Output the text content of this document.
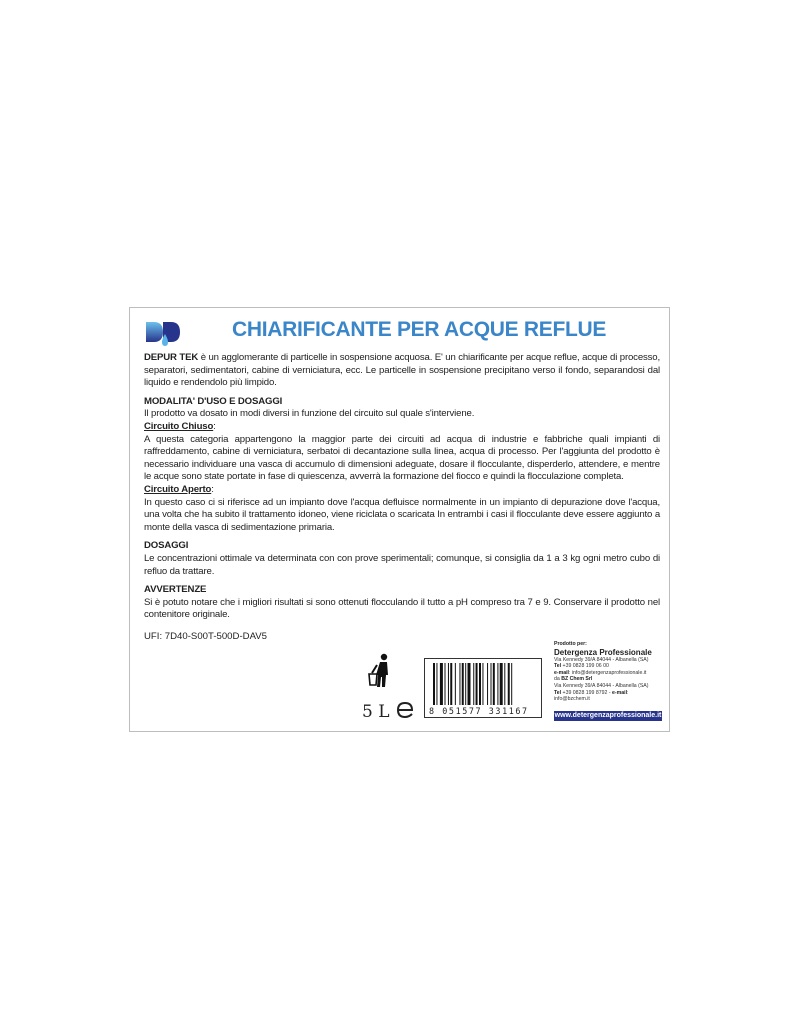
CHIARIFICANTE PER ACQUE REFLUE

DEPUR TEK è un agglomerante di particelle in sospensione acquosa. E' un chiarificante per acque reflue, acque di processo, separatori, sedimentatori, cabine di verniciatura, ecc. Le particelle in sospensione precipitano verso il fondo, separandosi dal liquido e rendendolo più limpido.

MODALITA' D'USO E DOSAGGI

Il prodotto va dosato in modi diversi in funzione del circuito sul quale s'interviene.

Circuito Chiuso:

A questa categoria appartengono la maggior parte dei circuiti ad acqua di industrie e fabbriche quali impianti di raffreddamento, cabine di verniciatura, serbatoi di decantazione sulla linea, acqua di processo. Per l'aggiunta del prodotto è necessario individuare una vasca di accumulo di dimensioni adeguate, dosare il flocculante, disperderlo, attendere, e mentre le acque sono state portate in fase di quiescenza, avverrà la formazione del fiocco e quindi la flocculazione completa.

Circuito Aperto:

In questo caso ci si riferisce ad un impianto dove l'acqua defluisce normalmente in un impianto di depurazione dove l'acqua, una volta che ha subito il trattamento idoneo, viene riciclata o scaricata In entrambi i casi il flocculante deve essere aggiunto a monte della vasca di sedimentazione primaria.

DOSAGGI

Le concentrazioni ottimale va determinata con con prove sperimentali; comunque, si consiglia da 1 a 3 kg ogni metro cubo di refluo da trattare.

AVVERTENZE

Si è potuto notare che i migliori risultati si sono ottenuti flocculando il tutto a pH compreso tra 7 e 9. Conservare il prodotto nel contenitore originale.

UFI: 7D40-S00T-500D-DAV5
5 L	8 051577 331167
Prodotto per:
Detergenza Professionale
Via Kennedy 39/A 84044 - Albanella (SA)
Tel +39 0828 199 06 00
e-mail: info@detergenzaprofessionale.it
da BZ Chem Srl
Via Kennedy 39/A 84044 - Albanella (SA)
Tel +39 0828 199 8792 - e-mail: info@bzchem.it
www.detergenzaprofessionale.it
